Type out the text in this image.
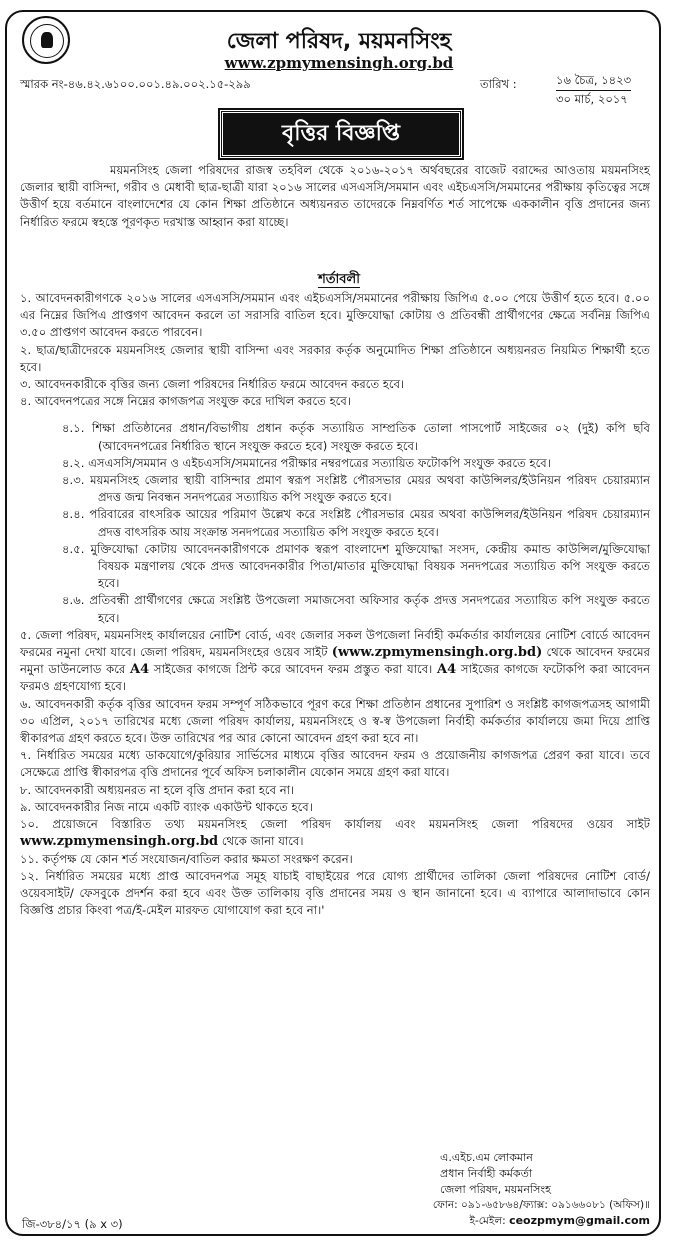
জেলা পরিষদ, ময়মনসিংহ
www.zpmymensingh.org.bd
স্মারক নং-৪৬.৪২.৬১০০.০০১.৪৯.০০২.১৫-২৯৯	তারিখ :	১৬ চৈত্র, ১৪২৩
৩০ মার্চ, ২০১৭
বৃত্তির বিজ্ঞপ্তি
ময়মনসিংহ জেলা পরিষদের রাজস্ব তহবিল থেকে ২০১৬-২০১৭ অর্থবছরের বাজেট বরাদ্দের আওতায় ময়মনসিংহ জেলার স্থায়ী বাসিন্দা, গরীব ও মেধাবী ছাত্র-ছাত্রী যারা ২০১৬ সালের এসএসসি/সমমান এবং এইচএসসি/সমমানের পরীক্ষায় কৃতিত্বের সঙ্গে উত্তীর্ণ হয়ে বর্তমানে বাংলাদেশের যে কোন শিক্ষা প্রতিষ্ঠানে অধ্যয়নরত তাদেরকে নিম্নবর্ণিত শর্ত সাপেক্ষে এককালীন বৃত্তি প্রদানের জন্য নির্ধারিত ফরমে স্বহস্তে পূরণকৃত দরখাস্ত আহ্বান করা যাচ্ছে।
শর্তাবলী

১. আবেদনকারীগণকে ২০১৬ সালের এসএসসি/সমমান এবং এইচএসসি/সমমানের পরীক্ষায় জিপিএ ৫.০০ পেয়ে উত্তীর্ণ হতে হবে। ৫.০০ এর নিম্নের জিপিএ প্রাপ্তগণ আবেদন করলে তা সরাসরি বাতিল হবে। মুক্তিযোদ্ধা কোটায় ও প্রতিবন্ধী প্রার্থীগণের ক্ষেত্রে সর্বনিম্ন জিপিএ ৩.৫০ প্রাপ্তগণ আবেদন করতে পারবেন।

২. ছাত্র/ছাত্রীদেরকে ময়মনসিংহ জেলার স্থায়ী বাসিন্দা এবং সরকার কর্তৃক অনুমোদিত শিক্ষা প্রতিষ্ঠানে অধ্যয়নরত নিয়মিত শিক্ষার্থী হতে হবে।

৩. আবেদনকারীকে বৃত্তির জন্য জেলা পরিষদের নির্ধারিত ফরমে আবেদন করতে হবে।

৪. আবেদনপত্রের সঙ্গে নিম্নের কাগজপত্র সংযুক্ত করে দাখিল করতে হবে।

৪.১. শিক্ষা প্রতিষ্ঠানের প্রধান/বিভাগীয় প্রধান কর্তৃক সত্যায়িত সাম্প্রতিক তোলা পাসপোর্ট সাইজের ০২ (দুই) কপি ছবি (আবেদনপত্রের নির্ধারিত স্থানে সংযুক্ত করতে হবে) সংযুক্ত করতে হবে।

৪.২. এসএসসি/সমমান ও এইচএসসি/সমমানের পরীক্ষার নম্বরপত্রের সত্যায়িত ফটোকপি সংযুক্ত করতে হবে।

৪.৩. ময়মনসিংহ জেলার স্থায়ী বাসিন্দার প্রমাণ স্বরূপ সংশ্লিষ্ট পৌরসভার মেয়র অথবা কাউন্সিলর/ইউনিয়ন পরিষদ চেয়ারম্যান প্রদত্ত জন্ম নিবন্ধন সনদপত্রের সত্যায়িত কপি সংযুক্ত করতে হবে।

৪.৪. পরিবারের বাৎসরিক আয়ের পরিমাণ উল্লেখ করে সংশ্লিষ্ট পৌরসভার মেয়র অথবা কাউন্সিলর/ইউনিয়ন পরিষদ চেয়ারম্যান প্রদত্ত বাৎসরিক আয় সংক্রান্ত সনদপত্রের সত্যায়িত কপি সংযুক্ত করতে হবে।

৪.৫. মুক্তিযোদ্ধা কোটায় আবেদনকারীগণকে প্রমাণক স্বরূপ বাংলাদেশ মুক্তিযোদ্ধা সংসদ, কেন্দ্রীয় কমান্ড কাউন্সিল/মুক্তিযোদ্ধা বিষয়ক মন্ত্রণালয় থেকে প্রদত্ত আবেদনকারীর পিতা/মাতার মুক্তিযোদ্ধা বিষয়ক সনদপত্রের সত্যায়িত কপি সংযুক্ত করতে হবে।

৪.৬. প্রতিবন্ধী প্রার্থীগণের ক্ষেত্রে সংশ্লিষ্ট উপজেলা সমাজসেবা অফিসার কর্তৃক প্রদত্ত সনদপত্রের সত্যায়িত কপি সংযুক্ত করতে হবে।

৫. জেলা পরিষদ, ময়মনসিংহ কার্যালয়ের নোটিশ বোর্ড, এবং জেলার সকল উপজেলা নির্বাহী কর্মকর্তার কার্যালয়ের নোটিশ বোর্ডে আবেদন ফরমের নমুনা দেখা যাবে। জেলা পরিষদ, ময়মনসিংহের ওয়েব সাইট (www.zpmymensingh.org.bd) থেকে আবেদন ফরমের নমুনা ডাউনলোড করে A4 সাইজের কাগজে প্রিন্ট করে আবেদন ফরম প্রস্তুত করা যাবে। A4 সাইজের কাগজে ফটোকপি করা আবেদন ফরমও গ্রহণযোগ্য হবে।

৬. আবেদনকারী কর্তৃক বৃত্তির আবেদন ফরম সম্পূর্ণ সঠিকভাবে পূরণ করে শিক্ষা প্রতিষ্ঠান প্রধানের সুপারিশ ও সংশ্লিষ্ট কাগজপত্রসহ আগামী ৩০ এপ্রিল, ২০১৭ তারিখের মধ্যে জেলা পরিষদ কার্যালয়, ময়মনসিংহে ও স্ব-স্ব উপজেলা নির্বাহী কর্মকর্তার কার্যালয়ে জমা দিয়ে প্রাপ্তি স্বীকারপত্র গ্রহণ করতে হবে। উক্ত তারিখের পর আর কোনো আবেদন গ্রহণ করা হবে না।

৭. নির্ধারিত সময়ের মধ্যে ডাকযোগে/কুরিয়ার সার্ভিসের মাধ্যমে বৃত্তির আবেদন ফরম ও প্রয়োজনীয় কাগজপত্র প্রেরণ করা যাবে। তবে সেক্ষেত্রে প্রাপ্তি স্বীকারপত্র বৃত্তি প্রদানের পূর্বে অফিস চলাকালীন যেকোন সময়ে গ্রহণ করা যাবে।

৮. আবেদনকারী অধ্যয়নরত না হলে বৃত্তি প্রদান করা হবে না।

৯. আবেদনকারীর নিজ নামে একটি ব্যাংক একাউন্ট থাকতে হবে।

১০. প্রয়োজনে বিস্তারিত তথ্য ময়মনসিংহ জেলা পরিষদ কার্যালয় এবং ময়মনসিংহ জেলা পরিষদের ওয়েব সাইট www.zpmymensingh.org.bd থেকে জানা যাবে।

১১. কর্তৃপক্ষ যে কোন শর্ত সংযোজন/বাতিল করার ক্ষমতা সংরক্ষণ করেন।

১২. নির্ধারিত সময়ের মধ্যে প্রাপ্ত আবেদনপত্র সমূহ যাচাই বাছাইয়ের পরে যোগ্য প্রার্থীদের তালিকা জেলা পরিষদের নোটিশ বোর্ড/ওয়েবসাইট/ ফেসবুকে প্রদর্শন করা হবে এবং উক্ত তালিকায় বৃত্তি প্রদানের সময় ও স্থান জানানো হবে। এ ব্যাপারে আলাদাভাবে কোন বিজ্ঞপ্তি প্রচার কিংবা পত্র/ই-মেইল মারফত যোগাযোগ করা হবে না।'

এ.এইচ.এম লোকমান
প্রধান নির্বাহী কর্মকর্তা
জেলা পরিষদ, ময়মনসিংহ
ফোন: ০৯১-৬৫৮৬৪/ফ্যাক্স: ০৯১৬৬০৮১ (অফিস)॥
ই-মেইল: ceozpmym@gmail.com
জি-৩৮৪/১৭ (৯ x ৩)
